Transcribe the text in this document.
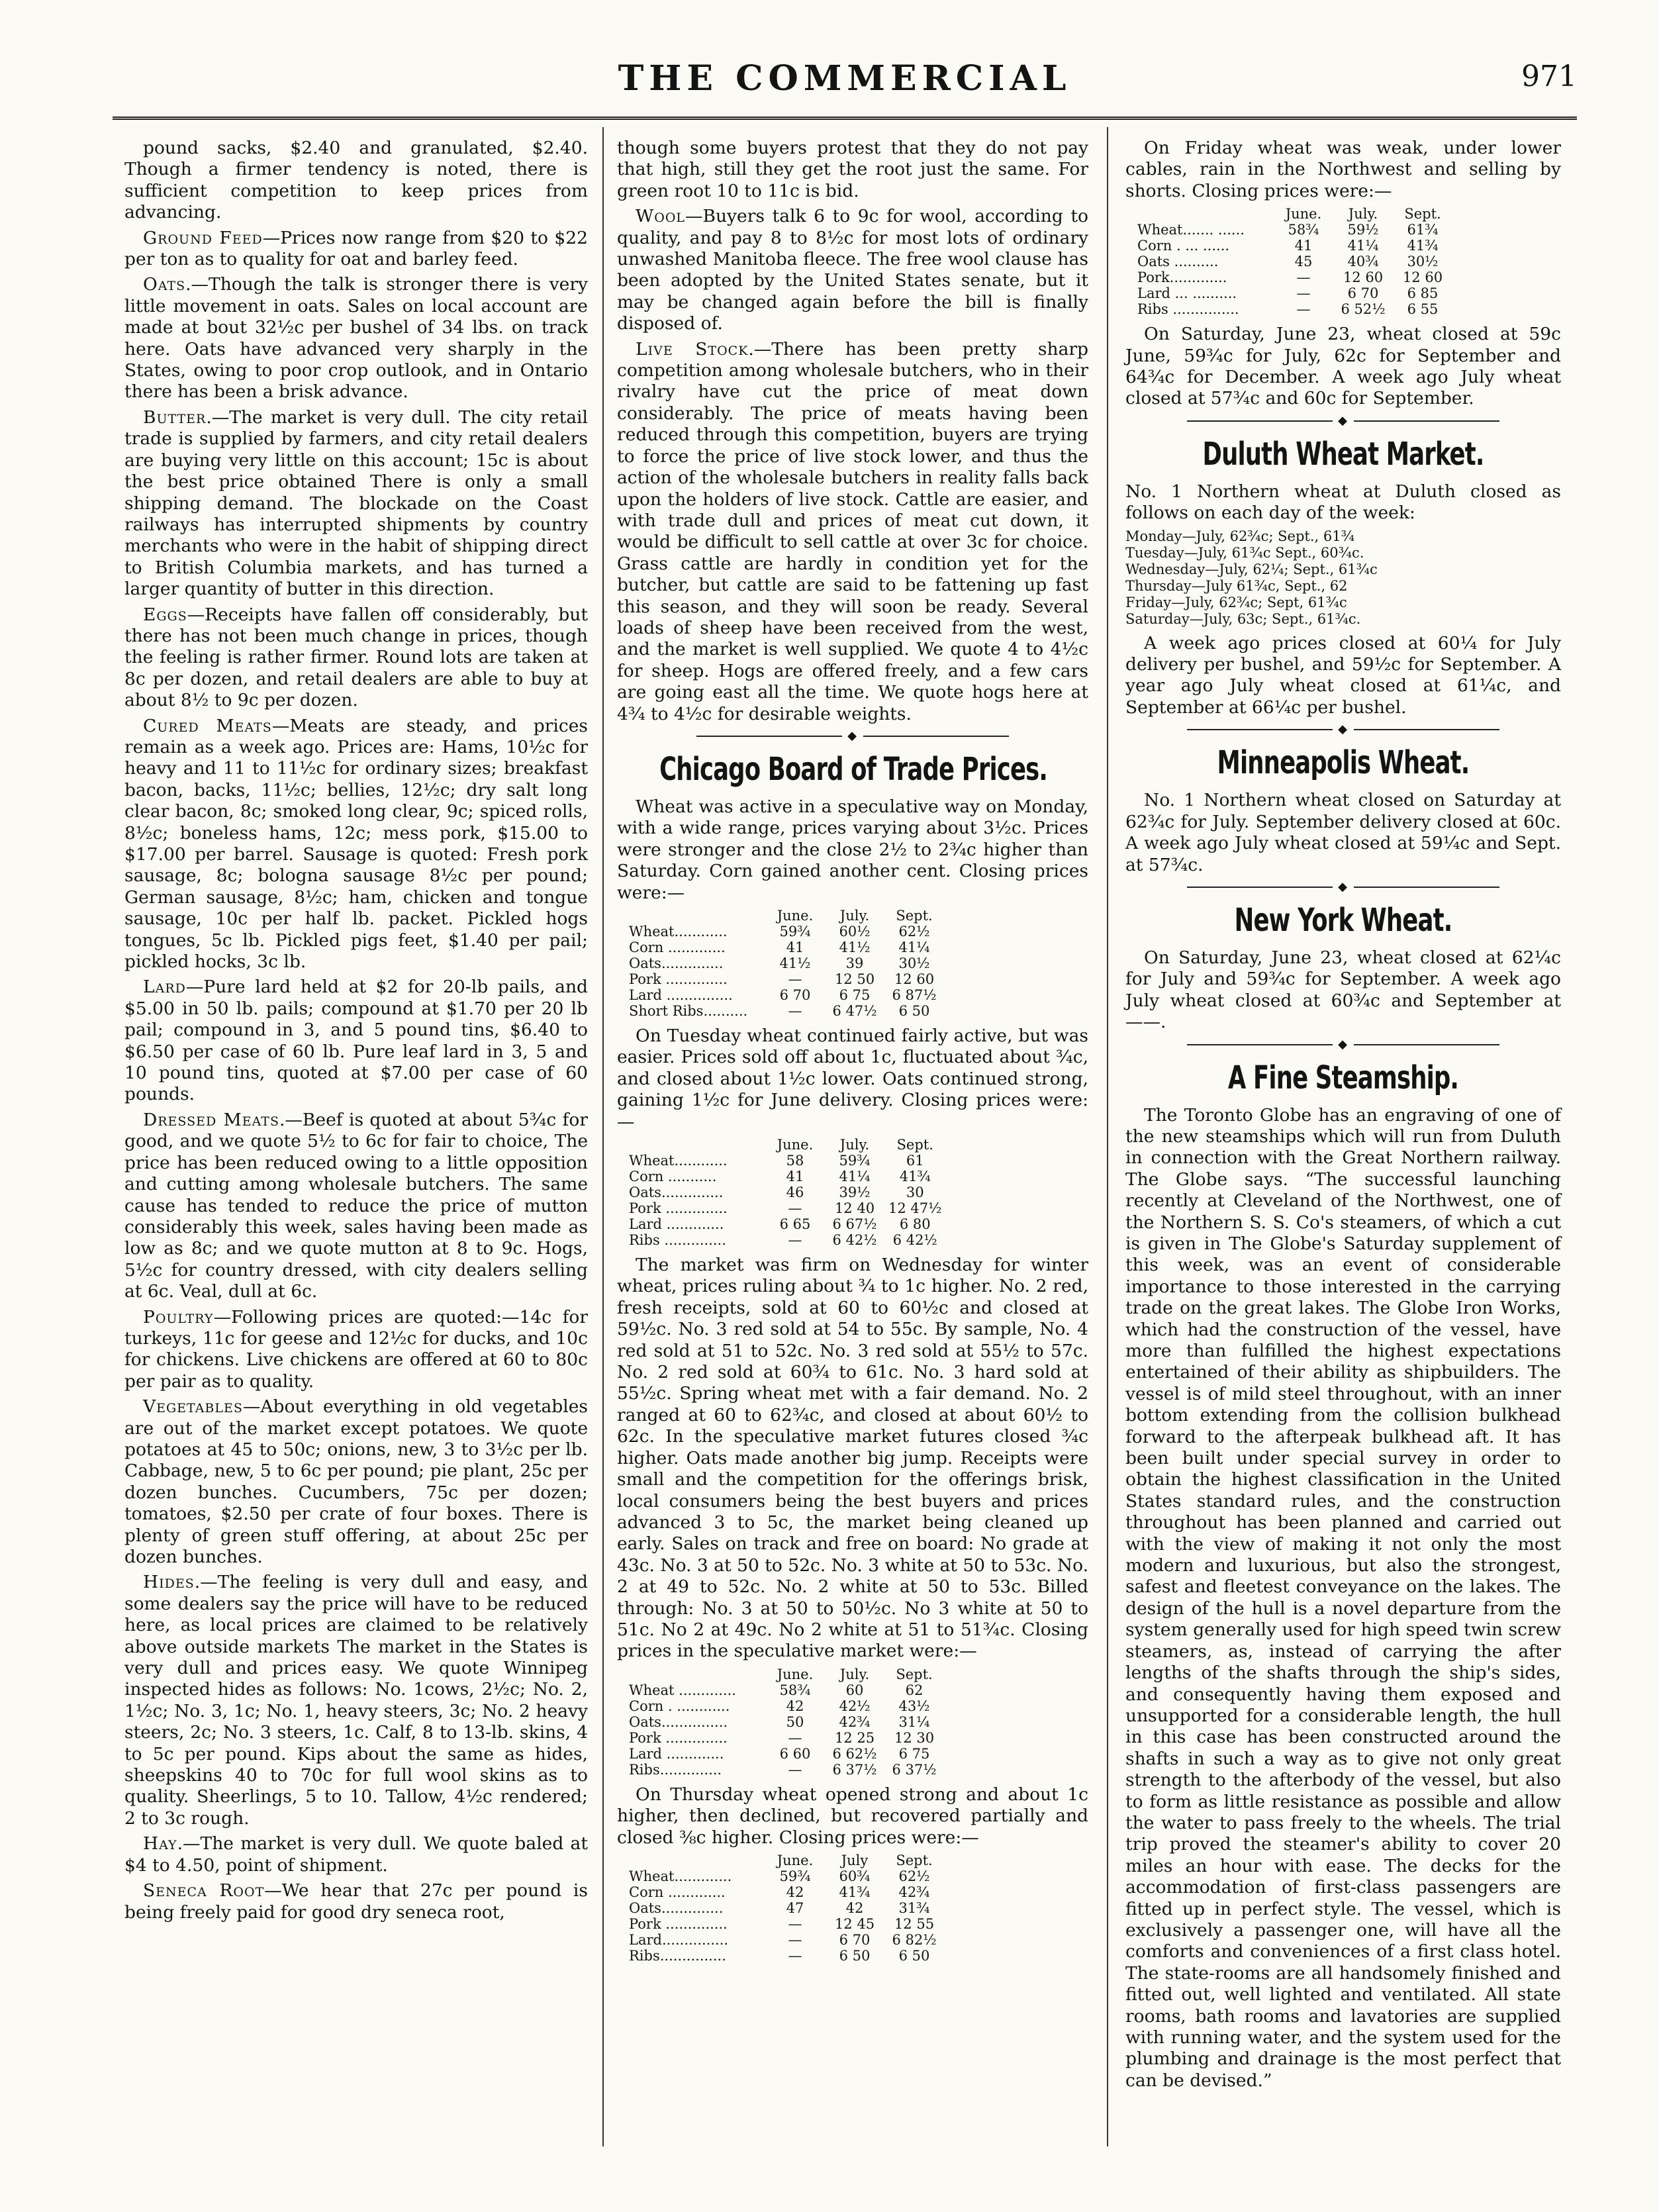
THE COMMERCIAL	971

pound sacks, $2.40 and granulated, $2.40. Though a firmer tendency is noted, there is sufficient competition to keep prices from advancing.

Ground Feed—Prices now range from $20 to $22 per ton as to quality for oat and barley feed.

Oats.—Though the talk is stronger there is very little movement in oats. Sales on local account are made at bout 32½c per bushel of 34 lbs. on track here. Oats have advanced very sharply in the States, owing to poor crop outlook, and in Ontario there has been a brisk advance.

Butter.—The market is very dull. The city retail trade is supplied by farmers, and city retail dealers are buying very little on this account; 15c is about the best price obtained There is only a small shipping demand. The blockade on the Coast railways has interrupted shipments by country merchants who were in the habit of shipping direct to British Columbia markets, and has turned a larger quantity of butter in this direction.

Eggs—Receipts have fallen off considerably, but there has not been much change in prices, though the feeling is rather firmer. Round lots are taken at 8c per dozen, and retail dealers are able to buy at about 8½ to 9c per dozen.

Cured Meats—Meats are steady, and prices remain as a week ago. Prices are: Hams, 10½c for heavy and 11 to 11½c for ordinary sizes; breakfast bacon, backs, 11½c; bellies, 12½c; dry salt long clear bacon, 8c; smoked long clear, 9c; spiced rolls, 8½c; boneless hams, 12c; mess pork, $15.00 to $17.00 per barrel. Sausage is quoted: Fresh pork sausage, 8c; bologna sausage 8½c per pound; German sausage, 8½c; ham, chicken and tongue sausage, 10c per half lb. packet. Pickled hogs tongues, 5c lb. Pickled pigs feet, $1.40 per pail; pickled hocks, 3c lb.

Lard—Pure lard held at $2 for 20-lb pails, and $5.00 in 50 lb. pails; compound at $1.70 per 20 lb pail; compound in 3, and 5 pound tins, $6.40 to $6.50 per case of 60 lb. Pure leaf lard in 3, 5 and 10 pound tins, quoted at $7.00 per case of 60 pounds.

Dressed Meats.—Beef is quoted at about 5¾c for good, and we quote 5½ to 6c for fair to choice, The price has been reduced owing to a little opposition and cutting among wholesale butchers. The same cause has tended to reduce the price of mutton considerably this week, sales having been made as low as 8c; and we quote mutton at 8 to 9c. Hogs, 5½c for country dressed, with city dealers selling at 6c. Veal, dull at 6c.

Poultry—Following prices are quoted:—14c for turkeys, 11c for geese and 12½c for ducks, and 10c for chickens. Live chickens are offered at 60 to 80c per pair as to quality.

Vegetables—About everything in old vegetables are out of the market except potatoes. We quote potatoes at 45 to 50c; onions, new, 3 to 3½c per lb. Cabbage, new, 5 to 6c per pound; pie plant, 25c per dozen bunches. Cucumbers, 75c per dozen; tomatoes, $2.50 per crate of four boxes. There is plenty of green stuff offering, at about 25c per dozen bunches.

Hides.—The feeling is very dull and easy, and some dealers say the price will have to be reduced here, as local prices are claimed to be relatively above outside markets The market in the States is very dull and prices easy. We quote Winnipeg inspected hides as follows: No. 1cows, 2½c; No. 2, 1½c; No. 3, 1c; No. 1, heavy steers, 3c; No. 2 heavy steers, 2c; No. 3 steers, 1c. Calf, 8 to 13-lb. skins, 4 to 5c per pound. Kips about the same as hides, sheepskins 40 to 70c for full wool skins as to quality. Sheerlings, 5 to 10. Tallow, 4½c rendered; 2 to 3c rough.

Hay.—The market is very dull. We quote baled at $4 to 4.50, point of shipment.

Seneca Root—We hear that 27c per pound is being freely paid for good dry seneca root,

though some buyers protest that they do not pay that high, still they get the root just the same. For green root 10 to 11c is bid.

Wool—Buyers talk 6 to 9c for wool, according to quality, and pay 8 to 8½c for most lots of ordinary unwashed Manitoba fleece. The free wool clause has been adopted by the United States senate, but it may be changed again before the bill is finally disposed of.

Live Stock.—There has been pretty sharp competition among wholesale butchers, who in their rivalry have cut the price of meat down considerably. The price of meats having been reduced through this competition, buyers are trying to force the price of live stock lower, and thus the action of the wholesale butchers in reality falls back upon the holders of live stock. Cattle are easier, and with trade dull and prices of meat cut down, it would be difficult to sell cattle at over 3c for choice. Grass cattle are hardly in condition yet for the butcher, but cattle are said to be fattening up fast this season, and they will soon be ready. Several loads of sheep have been received from the west, and the market is well supplied. We quote 4 to 4½c for sheep. Hogs are offered freely, and a few cars are going east all the time. We quote hogs here at 4¾ to 4½c for desirable weights.

◆
Chicago Board of Trade Prices.

Wheat was active in a speculative way on Monday, with a wide range, prices varying about 3½c. Prices were stronger and the close 2½ to 2¾c higher than Saturday. Corn gained another cent. Closing prices were:—

	June.	July.	Sept.
Wheat............	59¾	60½	62½
Corn .............	41	41½	41¼
Oats..............	41½	39	30½
Pork ..............	—	12 50	12 60
Lard ...............	6 70	6 75	6 87½
Short Ribs..........	—	6 47½	6 50

On Tuesday wheat continued fairly active, but was easier. Prices sold off about 1c, fluctuated about ¾c, and closed about 1½c lower. Oats continued strong, gaining 1½c for June delivery. Closing prices were:—

	June.	July.	Sept.
Wheat............	58	59¾	61
Corn ...........	41	41¼	41¾
Oats..............	46	39½	30
Pork ..............	—	12 40	12 47½
Lard .............	6 65	6 67½	6 80
Ribs ..............	—	6 42½	6 42½

The market was firm on Wednesday for winter wheat, prices ruling about ¾ to 1c higher. No. 2 red, fresh receipts, sold at 60 to 60½c and closed at 59½c. No. 3 red sold at 54 to 55c. By sample, No. 4 red sold at 51 to 52c. No. 3 red sold at 55½ to 57c. No. 2 red sold at 60¾ to 61c. No. 3 hard sold at 55½c. Spring wheat met with a fair demand. No. 2 ranged at 60 to 62¾c, and closed at about 60½ to 62c. In the speculative market futures closed ¾c higher. Oats made another big jump. Receipts were small and the competition for the offerings brisk, local consumers being the best buyers and prices advanced 3 to 5c, the market being cleaned up early. Sales on track and free on board: No grade at 43c. No. 3 at 50 to 52c. No. 3 white at 50 to 53c. No. 2 at 49 to 52c. No. 2 white at 50 to 53c. Billed through: No. 3 at 50 to 50½c. No 3 white at 50 to 51c. No 2 at 49c. No 2 white at 51 to 51¾c. Closing prices in the speculative market were:—

	June.	July.	Sept.
Wheat .............	58¾	60	62
Corn . ............	42	42½	43½
Oats...............	50	42¾	31¼
Pork ..............	—	12 25	12 30
Lard .............	6 60	6 62½	6 75
Ribs..............	—	6 37½	6 37½

On Thursday wheat opened strong and about 1c higher, then declined, but recovered partially and closed ⅜c higher. Closing prices were:—

	June.	July	Sept.
Wheat.............	59¾	60¾	62½
Corn .............	42	41¾	42¾
Oats..............	47	42	31¾
Pork ..............	—	12 45	12 55
Lard...............	—	6 70	6 82½
Ribs...............	—	6 50	6 50

On Friday wheat was weak, under lower cables, rain in the Northwest and selling by shorts. Closing prices were:—

	June.	July.	Sept.
Wheat....... ......	58¾	59½	61¾
Corn . ... ......	41	41¼	41¾
Oats ..........	45	40¾	30½
Pork.............	—	12 60	12 60
Lard ... ..........	—	6 70	6 85
Ribs ...............	—	6 52½	6 55

On Saturday, June 23, wheat closed at 59c June, 59¾c for July, 62c for September and 64¾c for December. A week ago July wheat closed at 57¾c and 60c for September.

◆
Duluth Wheat Market.

No. 1 Northern wheat at Duluth closed as follows on each day of the week:

Monday—July, 62¾c; Sept., 61¾
Tuesday—July, 61¾c Sept., 60¾c.
Wednesday—July, 62¼; Sept., 61¾c
Thursday—July 61¾c, Sept., 62
Friday—July, 62¾c; Sept, 61¾c
Saturday—July, 63c; Sept., 61¾c.

A week ago prices closed at 60¼ for July delivery per bushel, and 59½c for September. A year ago July wheat closed at 61¼c, and September at 66¼c per bushel.

◆
Minneapolis Wheat.

No. 1 Northern wheat closed on Saturday at 62¾c for July. September delivery closed at 60c. A week ago July wheat closed at 59¼c and Sept. at 57¾c.

◆
New York Wheat.

On Saturday, June 23, wheat closed at 62¼c for July and 59¾c for September. A week ago July wheat closed at 60¾c and September at ——.

◆
A Fine Steamship.

The Toronto Globe has an engraving of one of the new steamships which will run from Duluth in connection with the Great Northern railway. The Globe says. “The successful launching recently at Cleveland of the Northwest, one of the Northern S. S. Co's steamers, of which a cut is given in The Globe's Saturday supplement of this week, was an event of considerable importance to those interested in the carrying trade on the great lakes. The Globe Iron Works, which had the construction of the vessel, have more than fulfilled the highest expectations entertained of their ability as shipbuilders. The vessel is of mild steel throughout, with an inner bottom extending from the collision bulkhead forward to the afterpeak bulkhead aft. It has been built under special survey in order to obtain the highest classification in the United States standard rules, and the construction throughout has been planned and carried out with the view of making it not only the most modern and luxurious, but also the strongest, safest and fleetest conveyance on the lakes. The design of the hull is a novel departure from the system generally used for high speed twin screw steamers, as, instead of carrying the after lengths of the shafts through the ship's sides, and consequently having them exposed and unsupported for a considerable length, the hull in this case has been constructed around the shafts in such a way as to give not only great strength to the afterbody of the vessel, but also to form as little resistance as possible and allow the water to pass freely to the wheels. The trial trip proved the steamer's ability to cover 20 miles an hour with ease. The decks for the accommodation of first-class passengers are fitted up in perfect style. The vessel, which is exclusively a passenger one, will have all the comforts and conveniences of a first class hotel. The state-rooms are all handsomely finished and fitted out, well lighted and ventilated. All state rooms, bath rooms and lavatories are supplied with running water, and the system used for the plumbing and drainage is the most perfect that can be devised.”
